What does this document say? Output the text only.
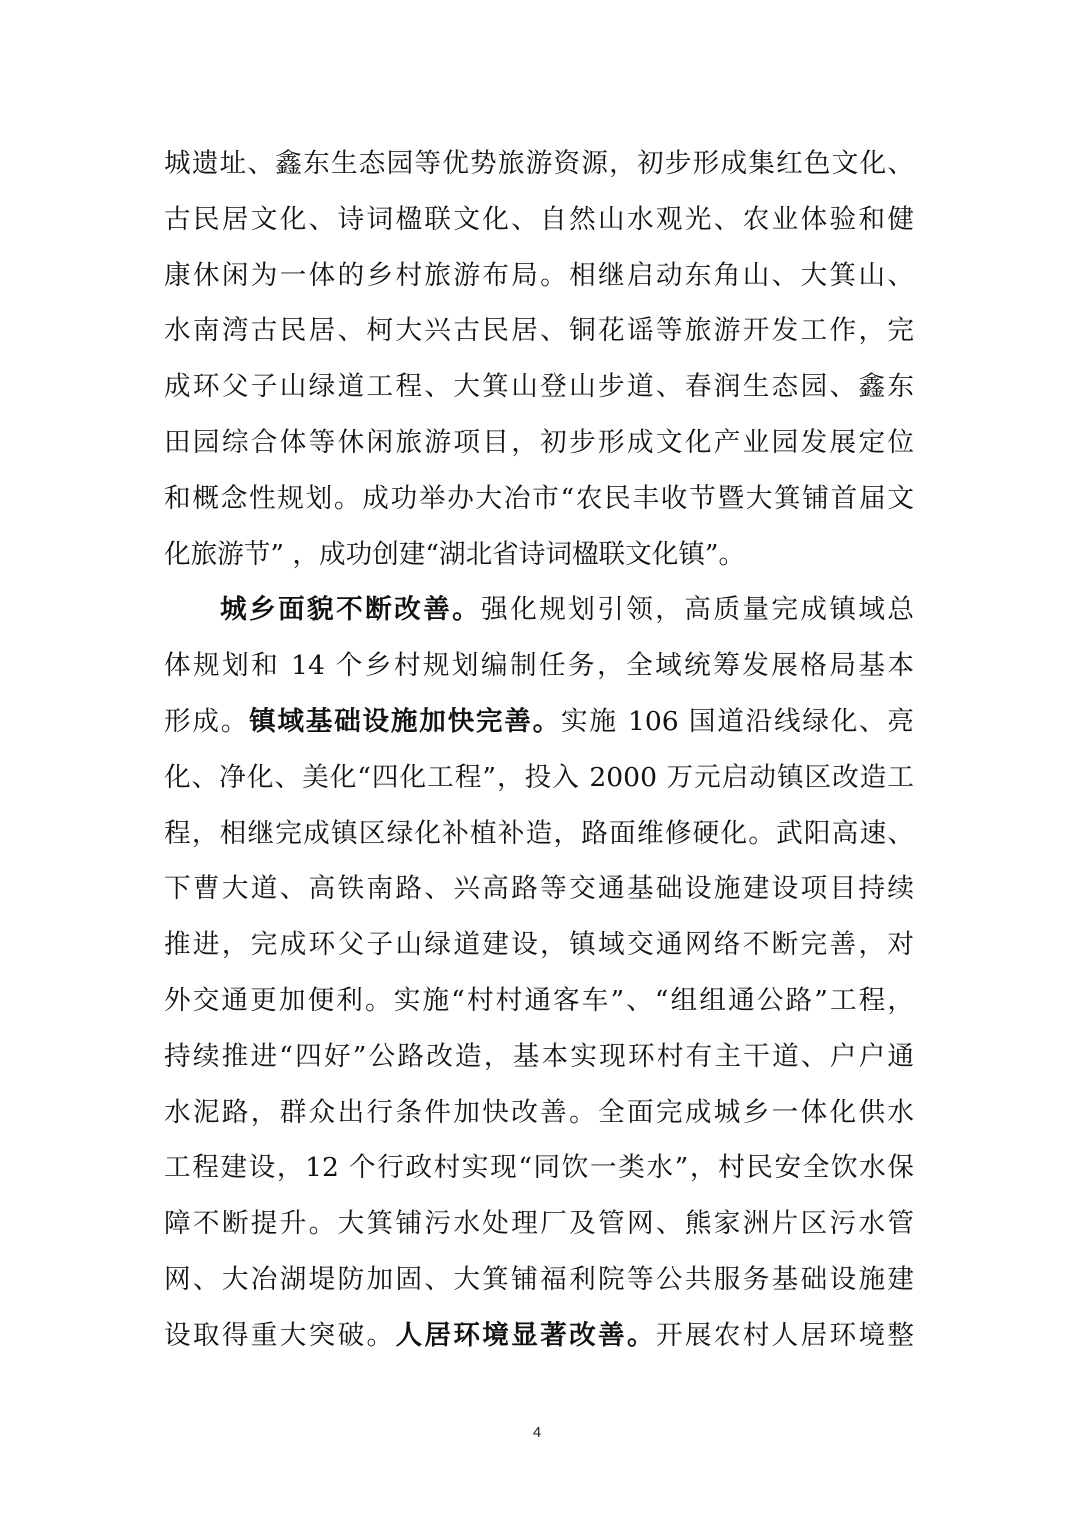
城遗址、鑫东生态园等优势旅游资源，初步形成集红色文化、
古民居文化、诗词楹联文化、自然山水观光、农业体验和健
康休闲为一体的乡村旅游布局。相继启动东角山、大箕山、
水南湾古民居、柯大兴古民居、铜花谣等旅游开发工作，完
成环父子山绿道工程、大箕山登山步道、春润生态园、鑫东
田园综合体等休闲旅游项目，初步形成文化产业园发展定位
和概念性规划。成功举办大冶市“农民丰收节暨大箕铺首届文
化旅游节” ，成功创建“湖北省诗词楹联文化镇”。
城乡面貌不断改善。强化规划引领，高质量完成镇域总
体规划和 14 个乡村规划编制任务，全域统筹发展格局基本
形成。镇域基础设施加快完善。实施 106 国道沿线绿化、亮
化、净化、美化“四化工程”，投入 2000 万元启动镇区改造工
程，相继完成镇区绿化补植补造，路面维修硬化。武阳高速、
下曹大道、高铁南路、兴高路等交通基础设施建设项目持续
推进，完成环父子山绿道建设，镇域交通网络不断完善，对
外交通更加便利。实施“村村通客车”、“组组通公路”工程，
持续推进“四好”公路改造，基本实现环村有主干道、户户通
水泥路，群众出行条件加快改善。全面完成城乡一体化供水
工程建设，12 个行政村实现“同饮一类水”，村民安全饮水保
障不断提升。大箕铺污水处理厂及管网、熊家洲片区污水管
网、大冶湖堤防加固、大箕铺福利院等公共服务基础设施建
设取得重大突破。人居环境显著改善。开展农村人居环境整
4
